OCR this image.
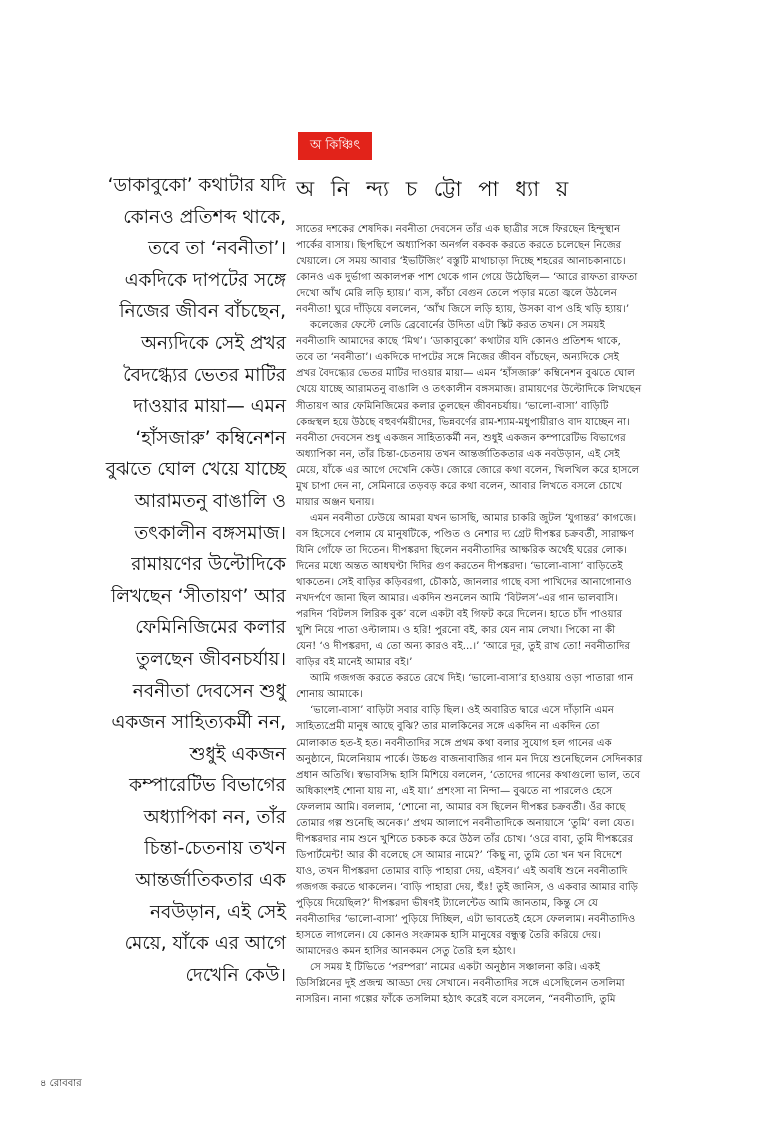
অ কিঞ্চিৎ
অ নি ন্দ্য চ ট্টো পা ধ্যা য়
‘ডাকাবুকো’ কথাটার যদি
কোনও প্রতিশব্দ থাকে,
তবে তা ‘নবনীতা’।
একদিকে দাপটের সঙ্গে
নিজের জীবন বাঁচছেন,
অন্যদিকে সেই প্রখর
বৈদগ্ধ্যের ভেতর মাটির
দাওয়ার মায়া— এমন
‘হাঁসজারু’ কম্বিনেশন
বুঝতে ঘোল খেয়ে যাচ্ছে
আরামতনু বাঙালি ও
তৎকালীন বঙ্গসমাজ।
রামায়ণের উল্টোদিকে
লিখছেন ‘সীতায়ণ’ আর
ফেমিনিজিমের কলার
তুলছেন জীবনচর্যায়।
নবনীতা দেবসেন শুধু
একজন সাহিত্যকর্মী নন,
শুধুই একজন
কম্পারেটিভ বিভাগের
অধ্যাপিকা নন, তাঁর
চিন্তা-চেতনায় তখন
আন্তর্জাতিকতার এক
নবউড়ান, এই সেই
মেয়ে, যাঁকে এর আগে
দেখেনি কেউ।

সাতের দশকের শেষদিক। নবনীতা দেবসেন তাঁর এক ছাত্রীর সঙ্গে ফিরছেন হিন্দুস্থান
পার্কের বাসায়। ছিপছিপে অধ্যাপিকা অনর্গল বকবক করতে করতে চলেছেন নিজের
খেয়ালে। সে সময় আবার ‘ইভটিজিং’ বস্তুটি মাথাচাড়া দিচ্ছে শহরের আনাচকানাচে।
কোনও এক দুর্ভাগা অকালপক্ব পাশ থেকে গান গেয়ে উঠেছিল— ‘আরে রাফতা রাফতা
দেখো আঁখ মেরি লড়ি হ্যায়।’ ব্যস, কাঁচা বেগুন তেলে পড়ার মতো জ্বলে উঠলেন
নবনীতা! ঘুরে দাঁড়িয়ে বললেন, ‘আঁখ জিসে লড়ি হ্যায়, উসকা বাপ ওহি খড়ি হ্যায়।’

কলেজের ফেস্টে লেডি ব্রেবোর্নের উদিতা এটা স্কিট করত তখন। সে সময়ই
নবনীতাদি আমাদের কাছে ‘মিথ’। ‘ডাকাবুকো’ কথাটার যদি কোনও প্রতিশব্দ থাকে,
তবে তা ‘নবনীতা’। একদিকে দাপটের সঙ্গে নিজের জীবন বাঁচছেন, অন্যদিকে সেই
প্রখর বৈদগ্ধ্যের ভেতর মাটির দাওয়ার মায়া— এমন ‘হাঁসজারু’ কম্বিনেশন বুঝতে ঘোল
খেয়ে যাচ্ছে আরামতনু বাঙালি ও তৎকালীন বঙ্গসমাজ। রামায়ণের উল্টোদিকে লিখছেন
সীতায়ণ আর ফেমিনিজিমের কলার তুলছেন জীবনচর্যায়। ‘ভালো-বাসা’ বাড়িটি
কেন্দ্রস্থল হয়ে উঠছে বহুবর্ণময়ীদের, ভিন্নবর্ণের রাম-শ্যাম-মধুপায়ীরাও বাদ যাচ্ছেন না।
নবনীতা দেবসেন শুধু একজন সাহিত্যকর্মী নন, শুধুই একজন কম্পারেটিভ বিভাগের
অধ্যাপিকা নন, তাঁর চিন্তা-চেতনায় তখন আন্তর্জাতিকতার এক নবউড়ান, এই সেই
মেয়ে, যাঁকে এর আগে দেখেনি কেউ। জোরে জোরে কথা বলেন, খিলখিল করে হাসলে
মুখ চাপা দেন না, সেমিনারে তড়বড় করে কথা বলেন, আবার লিখতে বসলে চোখে
মায়ার অঞ্জন ঘনায়।

এমন নবনীতা ঢেউয়ে আমরা যখন ভাসছি, আমার চাকরি জুটল ‘যুগান্তর’ কাগজে।
বস হিসেবে পেলাম যে মানুষটিকে, পণ্ডিত ও নেশার দ্য গ্রেট দীপঙ্কর চক্রবর্তী, সারাক্ষণ
যিনি গোঁফে তা দিতেন। দীপঙ্করদা ছিলেন নবনীতাদির আক্ষরিক অর্থেই ঘরের লোক।
দিনের মধ্যে অন্তত আধঘণ্টা দিদির গুণ করতেন দীপঙ্করদা। ‘ভালো-বাসা’ বাড়িতেই
থাকতেন। সেই বাড়ির কড়িবরগা, চৌকাঠ, জানলার গাছে বসা পাখিদের আনাগোনাও
নখদর্পণে জানা ছিল আমার। একদিন শুনলেন আমি ‘বিটলস’-এর গান ভালবাসি।
পরদিন ‘বিটলস লিরিক বুক’ বলে একটা বই গিফট করে দিলেন। হাতে চাঁদ পাওয়ার
খুশি নিয়ে পাতা ওল্টালাম। ও হরি! পুরনো বই, কার যেন নাম লেখা। পিকো না কী
যেন! ‘ও দীপঙ্করদা, এ তো অন্য কারও বই...।’ ‘আরে দূর, তুই রাখ তো! নবনীতাদির
বাড়ির বই মানেই আমার বই।’

আমি গজগজ করতে করতে রেখে দিই। ‘ভালো-বাসা’র হাওয়ায় ওড়া পাতারা গান
শোনায় আমাকে।

‘ভালো-বাসা’ বাড়িটা সবার বাড়ি ছিল। ওই অবারিত দ্বারে এসে দাঁড়ানি এমন
সাহিত্যপ্রেমী মানুষ আছে বুঝি? তার মালকিনের সঙ্গে একদিন না একদিন তো
মোলাকাত হত-ই হত। নবনীতাদির সঙ্গে প্রথম কথা বলার সুযোগ হল গানের এক
অনুষ্ঠানে, মিলেনিয়াম পার্কে। উচ্চগু বাজনাবাজির গান মন দিয়ে শুনেছিলেন সেদিনকার
প্রধান অতিথি। স্বভাবসিদ্ধ হাসি মিশিয়ে বললেন, ‘তোদের গানের কথাগুলো ভাল, তবে
অধিকাংশই শোনা যায় না, এই যা।’ প্রশংসা না নিন্দা— বুঝতে না পারলেও হেসে
ফেললাম আমি। বললাম, ‘শোনো না, আমার বস ছিলেন দীপঙ্কর চক্রবর্তী। ওঁর কাছে
তোমার গল্প শুনেছি অনেক।’ প্রথম আলাপে নবনীতাদিকে অনায়াসে ‘তুমি’ বলা যেত।
দীপঙ্করদার নাম শুনে খুশিতে চকচক করে উঠল তাঁর চোখ। ‘ওরে বাবা, তুমি দীপঙ্করের
ডিপার্টমেন্ট! আর কী বলেছে সে আমার নামে?’ ‘কিছু না, তুমি তো খন খন বিদেশে
যাও, তখন দীপঙ্করদা তোমার বাড়ি পাহারা দেয়, এইসব।’ এই অবধি শুনে নবনীতাদি
গজগজ করতে থাকলেন। ‘বাড়ি পাহারা দেয়, হুঁঃ! তুই জানিস, ও একবার আমার বাড়ি
পুড়িয়ে দিয়েছিল?’ দীপঙ্করদা ভীষণই ট্যালেন্টেড আমি জানতাম, কিন্তু সে যে
নবনীতাদির ‘ভালো-বাসা’ পুড়িয়ে দিচ্ছিল, এটা ভাবতেই হেসে ফেললাম। নবনীতাদিও
হাসতে লাগলেন। যে কোনও সংক্রামক হাসি মানুষের বন্ধুত্ব তৈরি করিয়ে দেয়।
আমাদেরও কমন হাসির আনকমন সেতু তৈরি হল হঠাৎ।

সে সময় ই টিভিতে ‘পরম্পরা’ নামের একটা অনুষ্ঠান সঞ্চালনা করি। একই
ডিসিপ্লিনের দুই প্রজন্ম আড্ডা দেয় সেখানে। নবনীতাদির সঙ্গে এসেছিলেন তসলিমা
নাসরিন। নানা গল্পের ফাঁকে তসলিমা হঠাৎ করেই বলে বসলেন, “নবনীতাদি, তুমি

৪ রোববার
